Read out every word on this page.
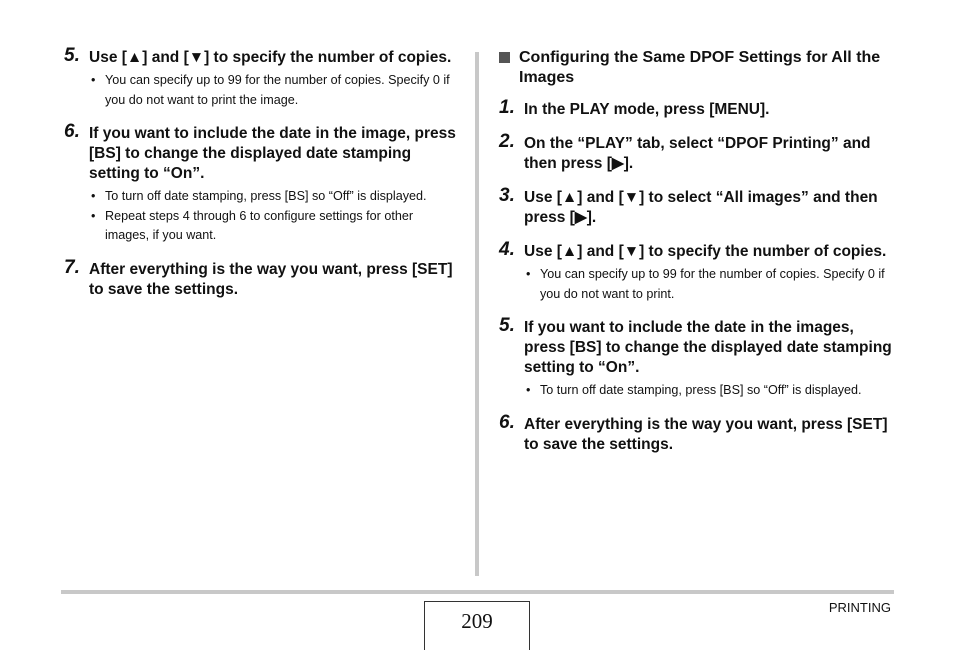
5. Use [▲] and [▼] to specify the number of copies.
• You can specify up to 99 for the number of copies. Specify 0 if you do not want to print the image.
6. If you want to include the date in the image, press [BS] to change the displayed date stamping setting to “On”.
• To turn off date stamping, press [BS] so “Off” is displayed.
• Repeat steps 4 through 6 to configure settings for other images, if you want.
7. After everything is the way you want, press [SET] to save the settings.
Configuring the Same DPOF Settings for All the Images
1. In the PLAY mode, press [MENU].
2. On the “PLAY” tab, select “DPOF Printing” and then press [▶].
3. Use [▲] and [▼] to select “All images” and then press [▶].
4. Use [▲] and [▼] to specify the number of copies.
• You can specify up to 99 for the number of copies. Specify 0 if you do not want to print.
5. If you want to include the date in the images, press [BS] to change the displayed date stamping setting to “On”.
• To turn off date stamping, press [BS] so “Off” is displayed.
6. After everything is the way you want, press [SET] to save the settings.
209
PRINTING
